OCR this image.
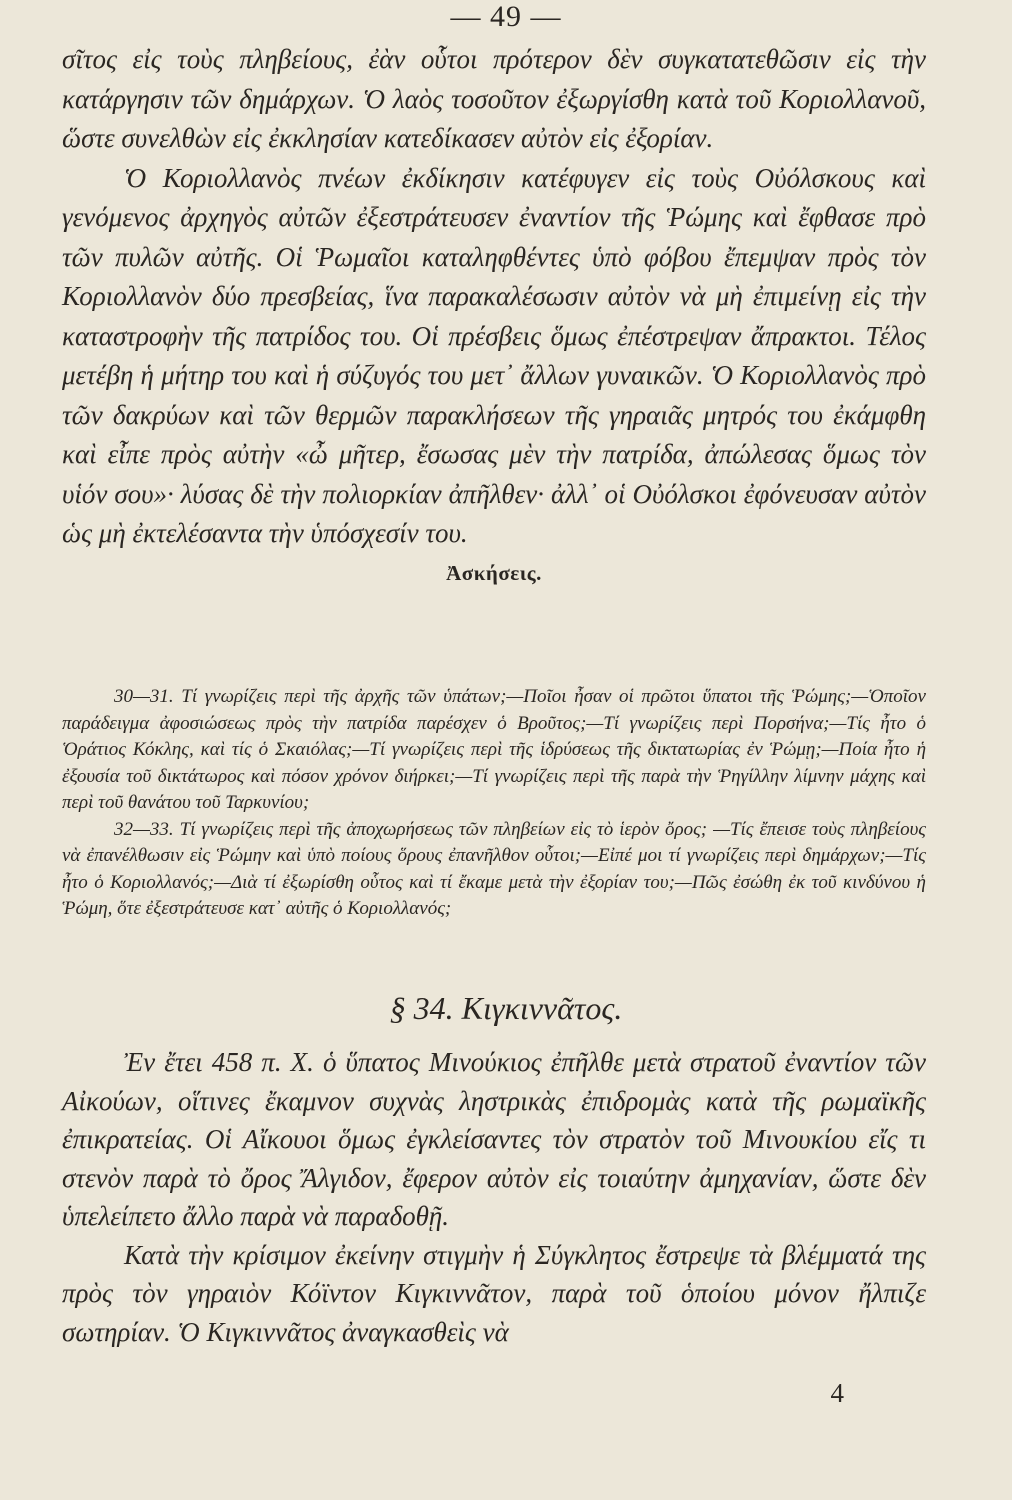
— 49 —

σῖτος εἰς τοὺς πληβείους, ἐὰν οὗτοι πρότερον δὲν συγκατατεθῶσιν εἰς τὴν κατάργησιν τῶν δημάρχων. Ὁ λαὸς τοσοῦτον ἐξωργίσθη κατὰ τοῦ Κοριολλανοῦ, ὥστε συνελθὼν εἰς ἐκκλησίαν κατεδίκασεν αὐτὸν εἰς ἐξορίαν.

Ὁ Κοριολλανὸς πνέων ἐκδίκησιν κατέφυγεν εἰς τοὺς Οὐόλσκους καὶ γενόμενος ἀρχηγὸς αὐτῶν ἐξεστράτευσεν ἐναντίον τῆς Ῥώμης καὶ ἔφθασε πρὸ τῶν πυλῶν αὐτῆς. Οἱ Ῥωμαῖοι καταληφθέντες ὑπὸ φόβου ἔπεμψαν πρὸς τὸν Κοριολλανὸν δύο πρεσβείας, ἵνα παρακαλέσωσιν αὐτὸν νὰ μὴ ἐπιμείνῃ εἰς τὴν καταστροφὴν τῆς πατρίδος του. Οἱ πρέσβεις ὅμως ἐπέστρεψαν ἄπρακτοι. Τέλος μετέβη ἡ μήτηρ του καὶ ἡ σύζυγός του μετ᾿ ἄλλων γυναικῶν. Ὁ Κοριολλανὸς πρὸ τῶν δακρύων καὶ τῶν θερμῶν παρακλήσεων τῆς γηραιᾶς μητρός του ἐκάμφθη καὶ εἶπε πρὸς αὐτὴν «ὦ μῆτερ, ἔσωσας μὲν τὴν πατρίδα, ἀπώλεσας ὅμως τὸν υἱόν σου»· λύσας δὲ τὴν πολιορκίαν ἀπῆλθεν· ἀλλ᾿ οἱ Οὐόλσκοι ἐφόνευσαν αὐτὸν ὡς μὴ ἐκτελέσαντα τὴν ὑπόσχεσίν του.

Ἀσκήσεις.

30—31. Τί γνωρίζεις περὶ τῆς ἀρχῆς τῶν ὑπάτων;—Ποῖοι ἦσαν οἱ πρῶτοι ὕπατοι τῆς Ῥώμης;—Ὁποῖον παράδειγμα ἀφοσιώσεως πρὸς τὴν πατρίδα παρέσχεν ὁ Βροῦτος;—Τί γνωρίζεις περὶ Πορσήνα;—Τίς ἦτο ὁ Ὁράτιος Κόκλης, καὶ τίς ὁ Σκαιόλας;—Τί γνωρίζεις περὶ τῆς ἱδρύσεως τῆς δικτατωρίας ἐν Ῥώμῃ;—Ποία ἦτο ἡ ἐξουσία τοῦ δικτάτωρος καὶ πόσον χρόνον διήρκει;—Τί γνωρίζεις περὶ τῆς παρὰ τὴν Ῥηγίλλην λίμνην μάχης καὶ περὶ τοῦ θανάτου τοῦ Ταρκυνίου;

32—33. Τί γνωρίζεις περὶ τῆς ἀποχωρήσεως τῶν πληβείων εἰς τὸ ἱερὸν ὄρος; —Τίς ἔπεισε τοὺς πληβείους νὰ ἐπανέλθωσιν εἰς Ῥώμην καὶ ὑπὸ ποίους ὅρους ἐπανῆλθον οὗτοι;—Εἰπέ μοι τί γνωρίζεις περὶ δημάρχων;—Τίς ἦτο ὁ Κοριολλανός;—Διὰ τί ἐξωρίσθη οὗτος καὶ τί ἔκαμε μετὰ τὴν ἐξορίαν του;—Πῶς ἐσώθη ἐκ τοῦ κινδύνου ἡ Ῥώμη, ὅτε ἐξεστράτευσε κατ᾿ αὐτῆς ὁ Κοριολλανός;

§ 34. Κιγκιννᾶτος.

Ἐν ἔτει 458 π. Χ. ὁ ὕπατος Μινούκιος ἐπῆλθε μετὰ στρατοῦ ἐναντίον τῶν Αἰκούων, οἵτινες ἔκαμνον συχνὰς ληστρικὰς ἐπιδρομὰς κατὰ τῆς ρωμαϊκῆς ἐπικρατείας. Οἱ Αἴκουοι ὅμως ἐγκλείσαντες τὸν στρατὸν τοῦ Μινουκίου εἴς τι στενὸν παρὰ τὸ ὄρος Ἄλγιδον, ἔφερον αὐτὸν εἰς τοιαύτην ἀμηχανίαν, ὥστε δὲν ὑπελείπετο ἄλλο παρὰ νὰ παραδοθῇ.

Κατὰ τὴν κρίσιμον ἐκείνην στιγμὴν ἡ Σύγκλητος ἔστρεψε τὰ βλέμματά της πρὸς τὸν γηραιὸν Κόϊντον Κιγκιννᾶτον, παρὰ τοῦ ὁποίου μόνον ἤλπιζε σωτηρίαν. Ὁ Κιγκιννᾶτος ἀναγκασθεὶς νὰ

4
